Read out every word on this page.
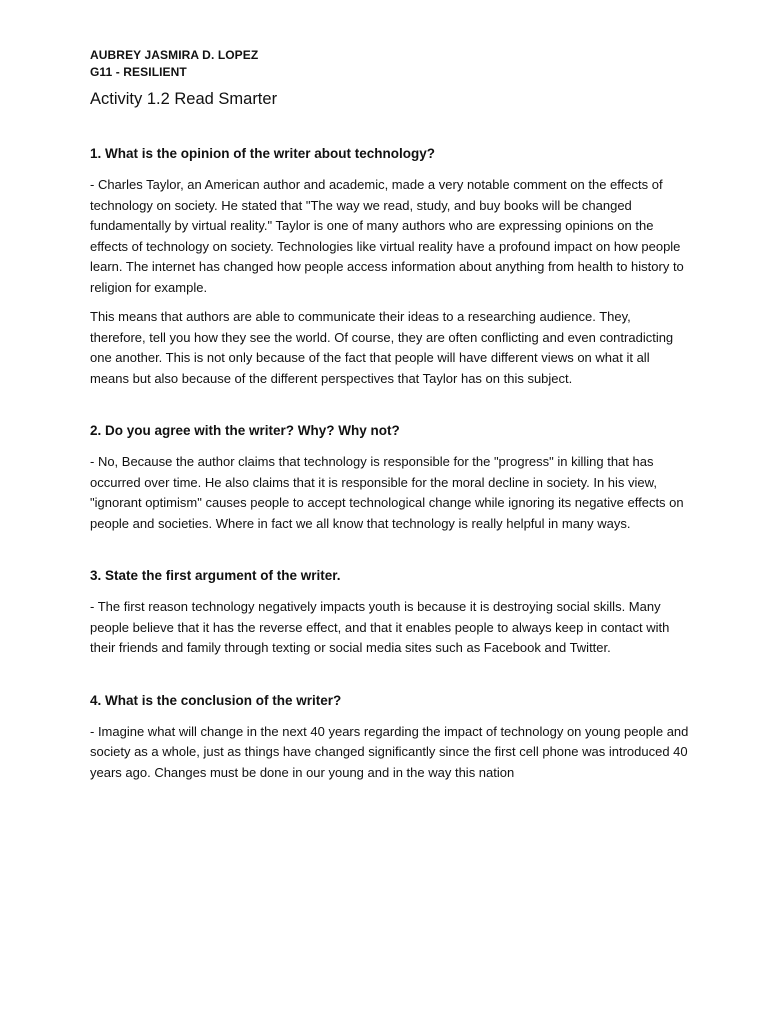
AUBREY JASMIRA D. LOPEZ
G11 - RESILIENT
Activity 1.2 Read Smarter
1. What is the opinion of the writer about technology?

- Charles Taylor, an American author and academic, made a very notable comment on the effects of technology on society. He stated that "The way we read, study, and buy books will be changed fundamentally by virtual reality." Taylor is one of many authors who are expressing opinions on the effects of technology on society. Technologies like virtual reality have a profound impact on how people learn. The internet has changed how people access information about anything from health to history to religion for example.

This means that authors are able to communicate their ideas to a researching audience. They, therefore, tell you how they see the world. Of course, they are often conflicting and even contradicting one another. This is not only because of the fact that people will have different views on what it all means but also because of the different perspectives that Taylor has on this subject.

2. Do you agree with the writer? Why? Why not?

- No, Because the author claims that technology is responsible for the "progress" in killing that has occurred over time. He also claims that it is responsible for the moral decline in society. In his view, "ignorant optimism" causes people to accept technological change while ignoring its negative effects on people and societies. Where in fact we all know that technology is really helpful in many ways.

3. State the first argument of the writer.

- The first reason technology negatively impacts youth is because it is destroying social skills. Many people believe that it has the reverse effect, and that it enables people to always keep in contact with their friends and family through texting or social media sites such as Facebook and Twitter.

4. What is the conclusion of the writer?

- Imagine what will change in the next 40 years regarding the impact of technology on young people and society as a whole, just as things have changed significantly since the first cell phone was introduced 40 years ago. Changes must be done in our young and in the way this nation
